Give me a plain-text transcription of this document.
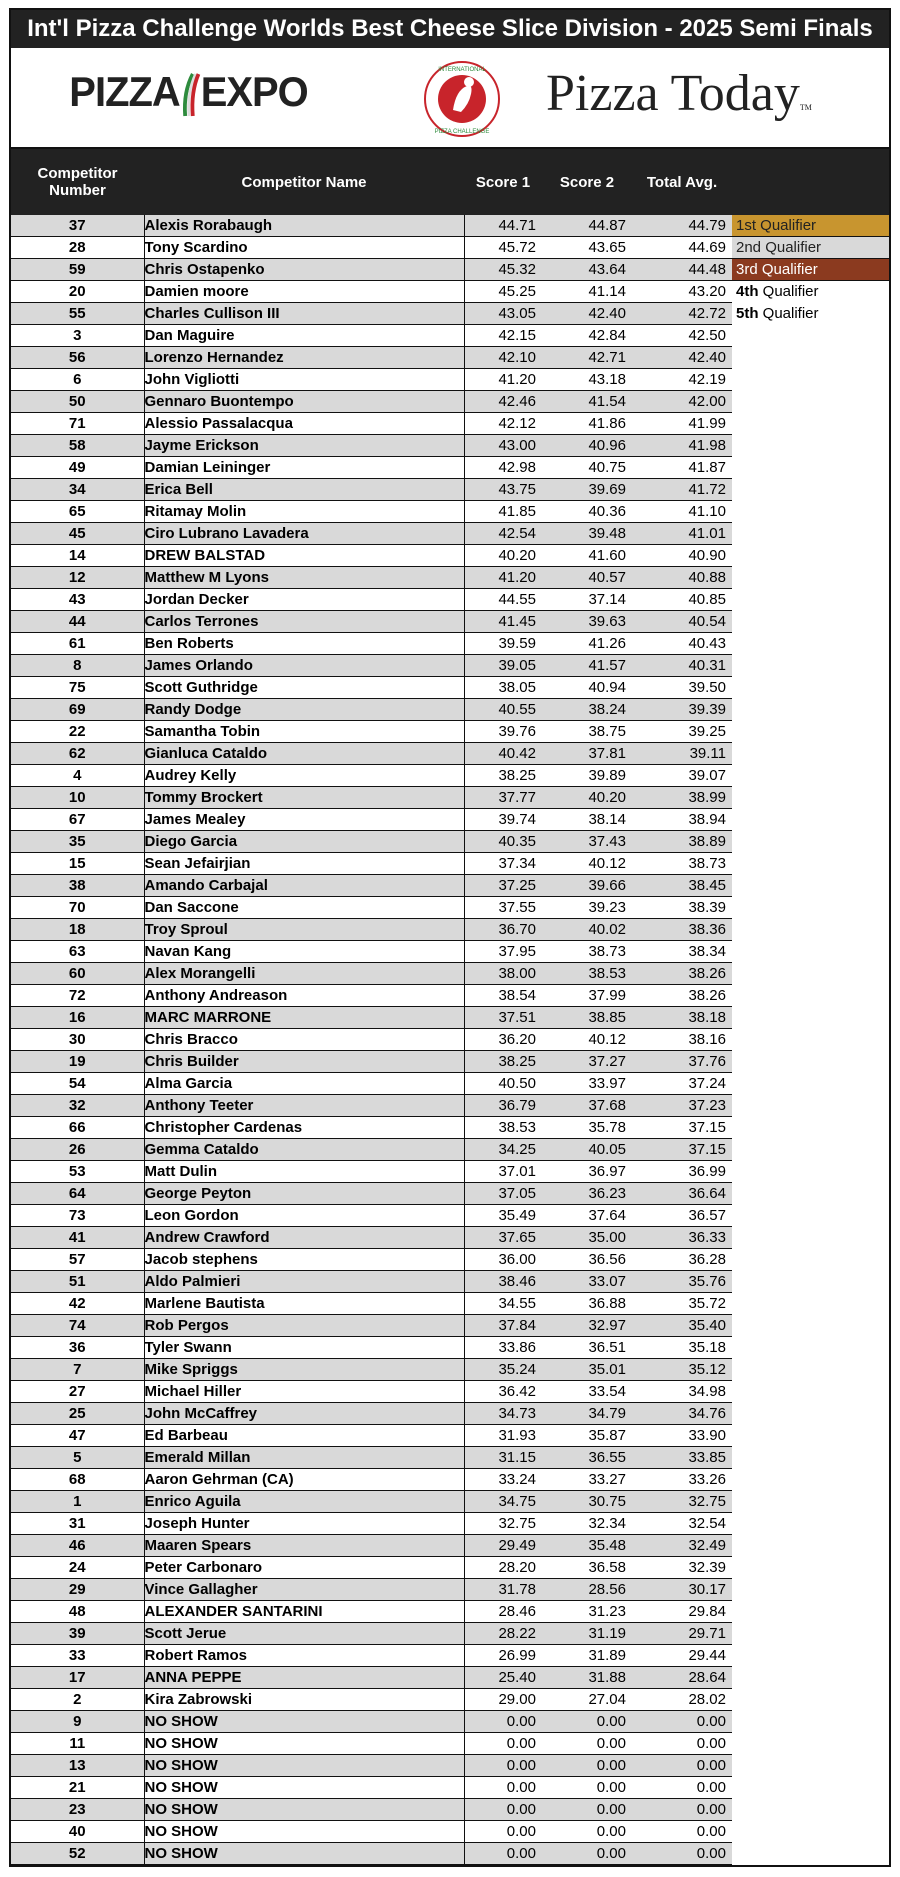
Int'l Pizza Challenge Worlds Best Cheese Slice Division - 2025 Semi Finals
PIZZA EXPO	INTERNATIONAL
PIZZA CHALLENGE
Pizza TodayTM
Competitor Number	Competitor Name	Score 1	Score 2	Total Avg.	
37	Alexis Rorabaugh	44.71	44.87	44.79	1st Qualifier
28	Tony Scardino	45.72	43.65	44.69	2nd Qualifier
59	Chris Ostapenko	45.32	43.64	44.48	3rd Qualifier
20	Damien moore	45.25	41.14	43.20	4th Qualifier
55	Charles Cullison III	43.05	42.40	42.72	5th Qualifier
3	Dan Maguire	42.15	42.84	42.50	
56	Lorenzo Hernandez	42.10	42.71	42.40	
6	John Vigliotti	41.20	43.18	42.19	
50	Gennaro Buontempo	42.46	41.54	42.00	
71	Alessio Passalacqua	42.12	41.86	41.99	
58	Jayme Erickson	43.00	40.96	41.98	
49	Damian Leininger	42.98	40.75	41.87	
34	Erica Bell	43.75	39.69	41.72	
65	Ritamay Molin	41.85	40.36	41.10	
45	Ciro Lubrano Lavadera	42.54	39.48	41.01	
14	DREW BALSTAD	40.20	41.60	40.90	
12	Matthew M Lyons	41.20	40.57	40.88	
43	Jordan Decker	44.55	37.14	40.85	
44	Carlos Terrones	41.45	39.63	40.54	
61	Ben Roberts	39.59	41.26	40.43	
8	James Orlando	39.05	41.57	40.31	
75	Scott Guthridge	38.05	40.94	39.50	
69	Randy Dodge	40.55	38.24	39.39	
22	Samantha Tobin	39.76	38.75	39.25	
62	Gianluca Cataldo	40.42	37.81	39.11	
4	Audrey Kelly	38.25	39.89	39.07	
10	Tommy Brockert	37.77	40.20	38.99	
67	James Mealey	39.74	38.14	38.94	
35	Diego Garcia	40.35	37.43	38.89	
15	Sean Jefairjian	37.34	40.12	38.73	
38	Amando Carbajal	37.25	39.66	38.45	
70	Dan Saccone	37.55	39.23	38.39	
18	Troy Sproul	36.70	40.02	38.36	
63	Navan Kang	37.95	38.73	38.34	
60	Alex Morangelli	38.00	38.53	38.26	
72	Anthony Andreason	38.54	37.99	38.26	
16	MARC MARRONE	37.51	38.85	38.18	
30	Chris Bracco	36.20	40.12	38.16	
19	Chris Builder	38.25	37.27	37.76	
54	Alma Garcia	40.50	33.97	37.24	
32	Anthony Teeter	36.79	37.68	37.23	
66	Christopher Cardenas	38.53	35.78	37.15	
26	Gemma Cataldo	34.25	40.05	37.15	
53	Matt Dulin	37.01	36.97	36.99	
64	George Peyton	37.05	36.23	36.64	
73	Leon Gordon	35.49	37.64	36.57	
41	Andrew Crawford	37.65	35.00	36.33	
57	Jacob stephens	36.00	36.56	36.28	
51	Aldo Palmieri	38.46	33.07	35.76	
42	Marlene Bautista	34.55	36.88	35.72	
74	Rob Pergos	37.84	32.97	35.40	
36	Tyler Swann	33.86	36.51	35.18	
7	Mike Spriggs	35.24	35.01	35.12	
27	Michael Hiller	36.42	33.54	34.98	
25	John McCaffrey	34.73	34.79	34.76	
47	Ed Barbeau	31.93	35.87	33.90	
5	Emerald Millan	31.15	36.55	33.85	
68	Aaron Gehrman (CA)	33.24	33.27	33.26	
1	Enrico Aguila	34.75	30.75	32.75	
31	Joseph Hunter	32.75	32.34	32.54	
46	Maaren Spears	29.49	35.48	32.49	
24	Peter Carbonaro	28.20	36.58	32.39	
29	Vince Gallagher	31.78	28.56	30.17	
48	ALEXANDER SANTARINI	28.46	31.23	29.84	
39	Scott Jerue	28.22	31.19	29.71	
33	Robert Ramos	26.99	31.89	29.44	
17	ANNA PEPPE	25.40	31.88	28.64	
2	Kira Zabrowski	29.00	27.04	28.02	
9	NO SHOW	0.00	0.00	0.00	
11	NO SHOW	0.00	0.00	0.00	
13	NO SHOW	0.00	0.00	0.00	
21	NO SHOW	0.00	0.00	0.00	
23	NO SHOW	0.00	0.00	0.00	
40	NO SHOW	0.00	0.00	0.00	
52	NO SHOW	0.00	0.00	0.00	
